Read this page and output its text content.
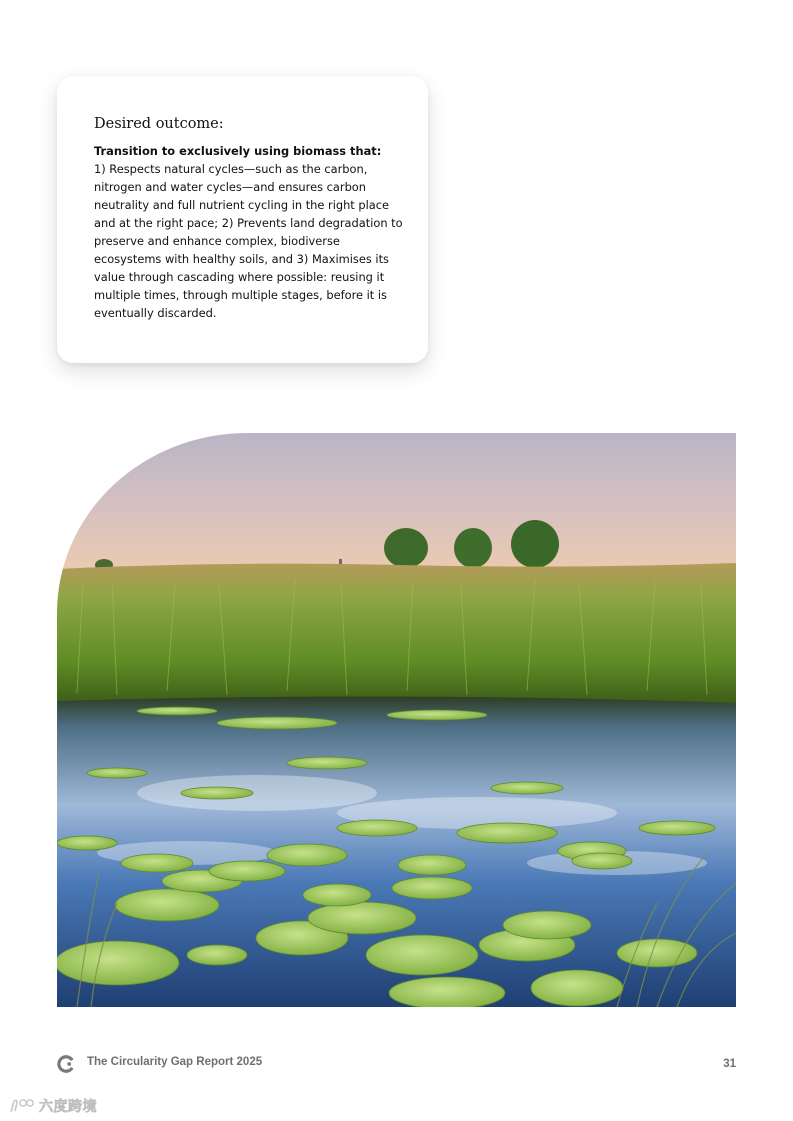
Desired outcome:

Transition to exclusively using biomass that:

1) Respects natural cycles—such as the carbon, nitrogen and water cycles—and ensures carbon neutrality and full nutrient cycling in the right place and at the right pace; 2) Prevents land degradation to preserve and enhance complex, biodiverse ecosystems with healthy soils, and 3) Maximises its value through cascading where possible: reusing it multiple times, through multiple stages, before it is eventually discarded.

The Circularity Gap Report 2025	31
六度跨境
